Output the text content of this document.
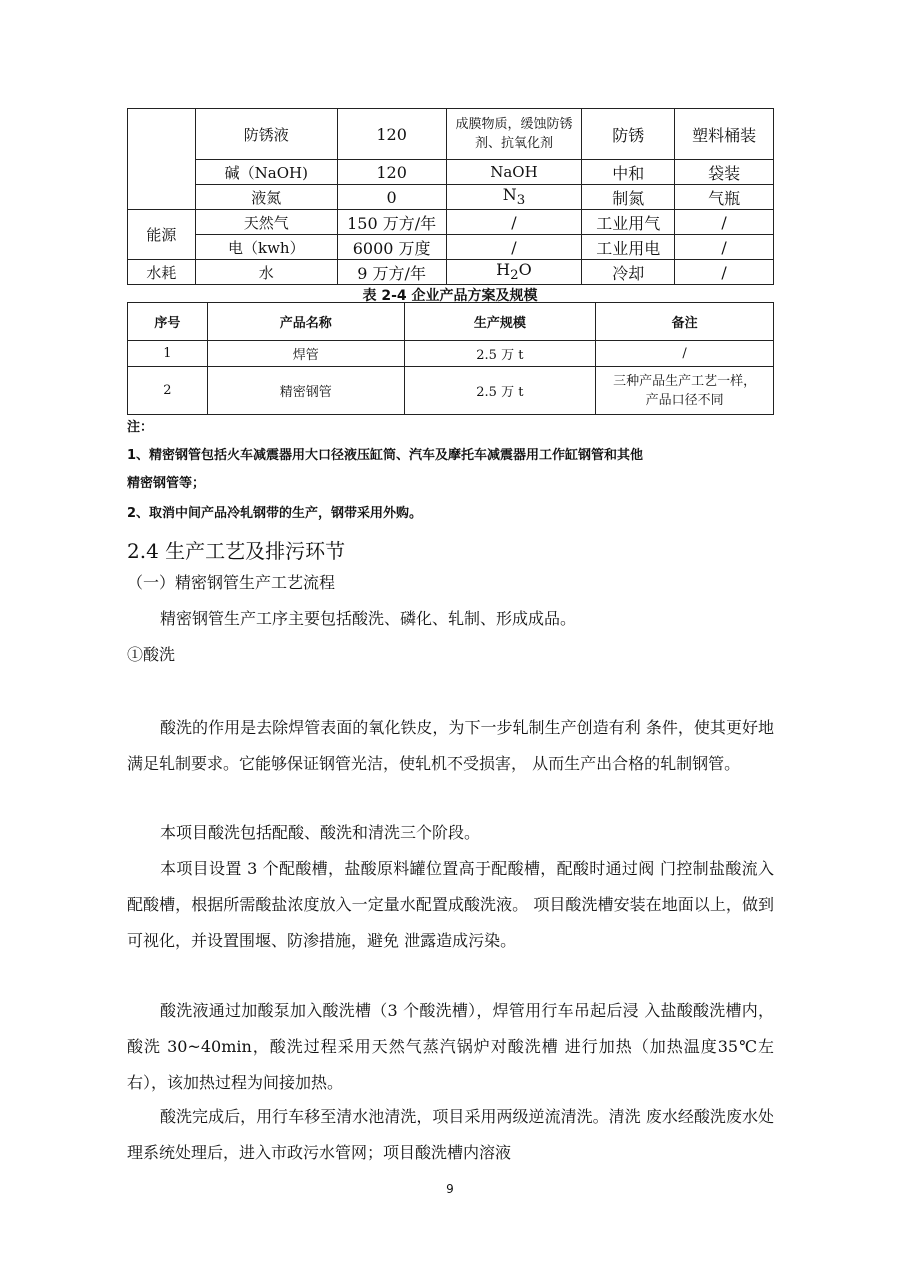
	防锈液	120	成膜物质，缓蚀防锈剂、抗氧化剂	防锈	塑料桶装
	碱（NaOH)	120	NaOH	中和	袋装
	液氮	0	$N_3$	制氮	气瓶
能源	天然气	150 万方/年	/	工业用气	/
	电（kwh）	6000 万度	/	工业用电	/
水耗	水	9 万方/年	$H_2O$	冷却	/
表 2-4 企业产品方案及规模
序号	产品名称	生产规模	备注
1	焊管	2.5 万 t	/
2	精密钢管	2.5 万 t	三种产品生产工艺一样，产品口径不同
注：
1、精密钢管包括火车减震器用大口径液压缸筒、汽车及摩托车减震器用工作缸钢管和其他
精密钢管等；
2、取消中间产品冷轧钢带的生产，钢带采用外购。
2.4 生产工艺及排污环节
（一）精密钢管生产工艺流程
精密钢管生产工序主要包括酸洗、磷化、轧制、形成成品。
①酸洗
酸洗的作用是去除焊管表面的氧化铁皮，为下一步轧制生产创造有利 条件，使其更好地满足轧制要求。它能够保证钢管光洁，使轧机不受损害， 从而生产出合格的轧制钢管。
本项目酸洗包括配酸、酸洗和清洗三个阶段。
本项目设置 3 个配酸槽，盐酸原料罐位置高于配酸槽，配酸时通过阀 门控制盐酸流入配酸槽，根据所需酸盐浓度放入一定量水配置成酸洗液。 项目酸洗槽安装在地面以上，做到可视化，并设置围堰、防渗措施，避免 泄露造成污染。
酸洗液通过加酸泵加入酸洗槽（3 个酸洗槽），焊管用行车吊起后浸 入盐酸酸洗槽内，酸洗 30~40min，酸洗过程采用天然气蒸汽锅炉对酸洗槽 进行加热（加热温度35℃左右），该加热过程为间接加热。
酸洗完成后，用行车移至清水池清洗，项目采用两级逆流清洗。清洗 废水经酸洗废水处理系统处理后，进入市政污水管网；项目酸洗槽内溶液
9
